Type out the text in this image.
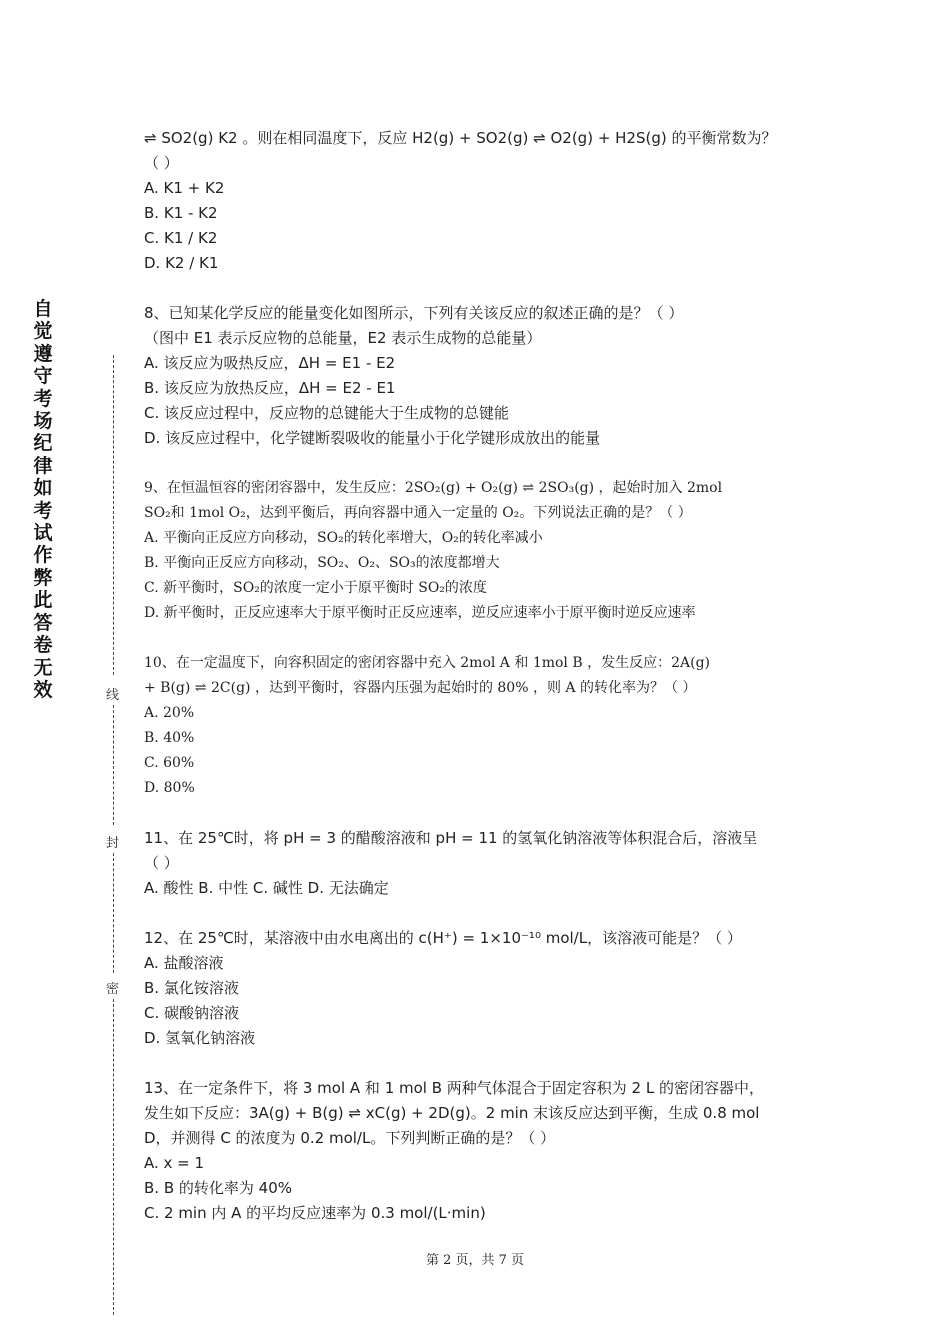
自觉遵守考场纪律如考试作弊此答卷无效	线
封
密
⇌ SO2(g) K2 。则在相同温度下，反应 H2(g) + SO2(g) ⇌ O2(g) + H2S(g) 的平衡常数为？
（ ）
A. K1 + K2
B. K1 - K2
C. K1 / K2
D. K2 / K1
8、已知某化学反应的能量变化如图所示，下列有关该反应的叙述正确的是？（ ）
（图中 E1 表示反应物的总能量，E2 表示生成物的总能量）
A. 该反应为吸热反应，ΔH = E1 - E2
B. 该反应为放热反应，ΔH = E2 - E1
C. 该反应过程中，反应物的总键能大于生成物的总键能
D. 该反应过程中，化学键断裂吸收的能量小于化学键形成放出的能量
9、在恒温恒容的密闭容器中，发生反应：2SO₂(g) + O₂(g) ⇌ 2SO₃(g) ，起始时加入 2mol
SO₂和 1mol O₂，达到平衡后，再向容器中通入一定量的 O₂。下列说法正确的是？（ ）
A. 平衡向正反应方向移动，SO₂的转化率增大，O₂的转化率减小
B. 平衡向正反应方向移动，SO₂、O₂、SO₃的浓度都增大
C. 新平衡时，SO₂的浓度一定小于原平衡时 SO₂的浓度
D. 新平衡时，正反应速率大于原平衡时正反应速率，逆反应速率小于原平衡时逆反应速率
10、在一定温度下，向容积固定的密闭容器中充入 2mol A 和 1mol B ，发生反应：2A(g)
+ B(g) ⇌ 2C(g) ，达到平衡时，容器内压强为起始时的 80% ，则 A 的转化率为？（ ）
A. 20%
B. 40%
C. 60%
D. 80%
11、在 25℃时，将 pH = 3 的醋酸溶液和 pH = 11 的氢氧化钠溶液等体积混合后，溶液呈
（ ）
A. 酸性 B. 中性 C. 碱性 D. 无法确定
12、在 25℃时，某溶液中由水电离出的 c(H⁺) = 1×10⁻¹⁰ mol/L，该溶液可能是？（ ）
A. 盐酸溶液
B. 氯化铵溶液
C. 碳酸钠溶液
D. 氢氧化钠溶液
13、在一定条件下，将 3 mol A 和 1 mol B 两种气体混合于固定容积为 2 L 的密闭容器中，
发生如下反应：3A(g) + B(g) ⇌ xC(g) + 2D(g)。2 min 末该反应达到平衡，生成 0.8 mol
D，并测得 C 的浓度为 0.2 mol/L。下列判断正确的是？（ ）
A. x = 1
B. B 的转化率为 40%
C. 2 min 内 A 的平均反应速率为 0.3 mol/(L·min)
第 2 页，共 7 页
